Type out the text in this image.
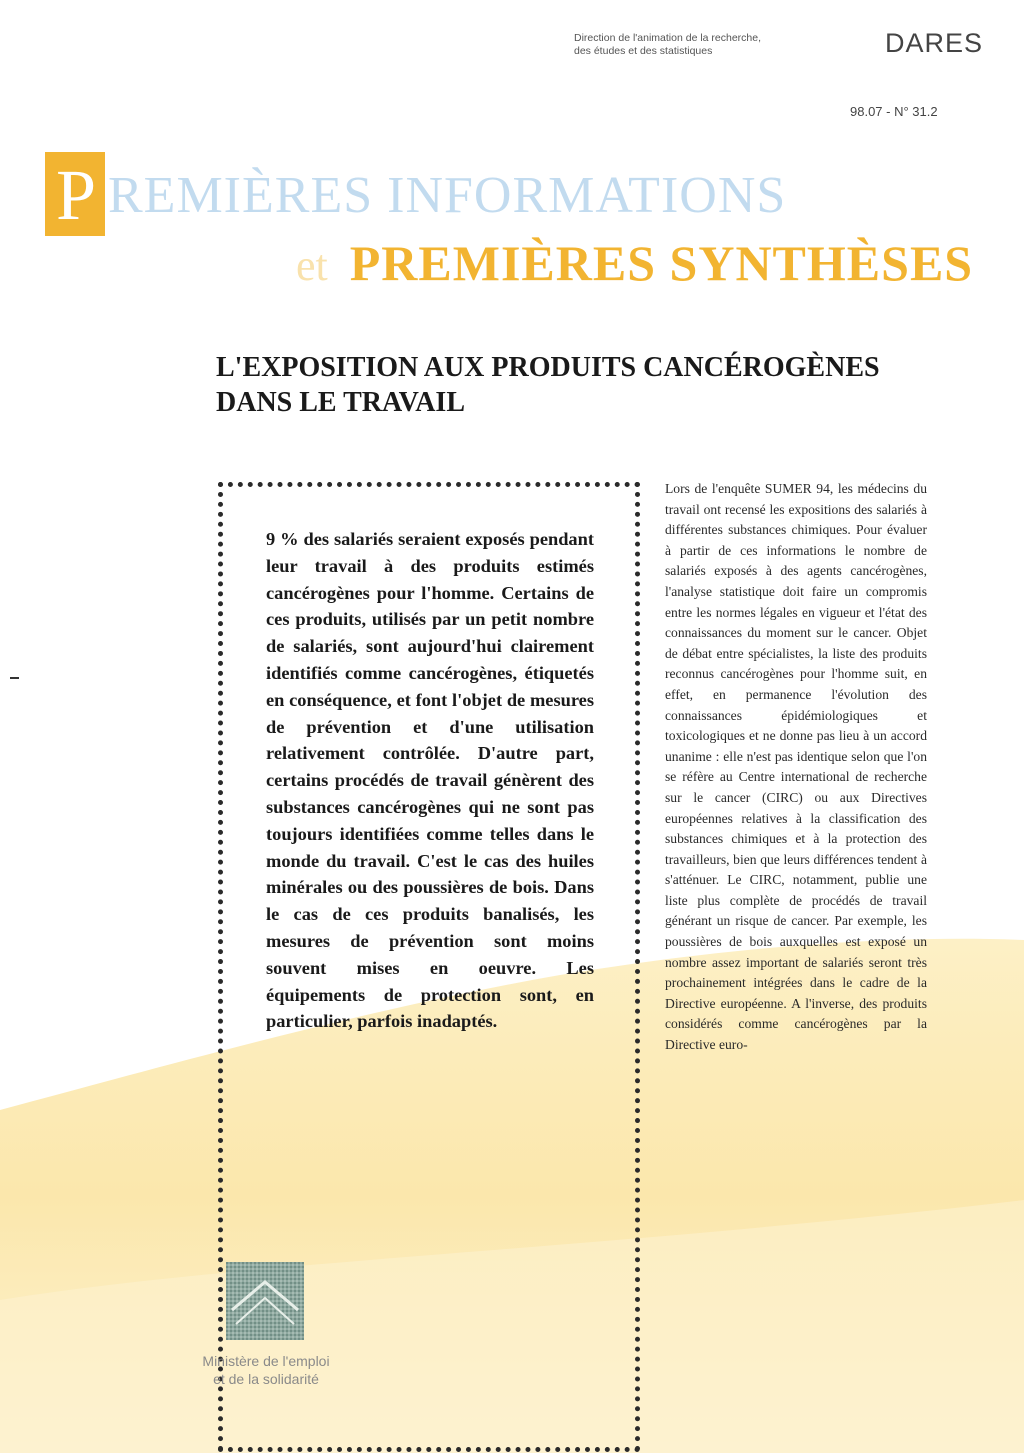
Direction de l'animation de la recherche,
des études et des statistiques	DARES
98.07 - N° 31.2
P REMIÈRES INFORMATIONS
et PREMIÈRES SYNTHÈSES
L'EXPOSITION AUX PRODUITS CANCÉROGÈNES
DANS LE TRAVAIL
9 % des salariés seraient exposés pendant leur travail à des produits estimés cancérogènes pour l'homme. Certains de ces produits, utilisés par un petit nombre de salariés, sont aujourd'hui clairement identifiés comme cancérogènes, étiquetés en conséquence, et font l'objet de mesures de prévention et d'une utilisation relativement contrôlée. D'autre part, certains procédés de travail génèrent des substances cancérogènes qui ne sont pas toujours identifiées comme telles dans le monde du travail. C'est le cas des huiles minérales ou des poussières de bois. Dans le cas de ces produits banalisés, les mesures de prévention sont moins souvent mises en oeuvre. Les équipements de protection sont, en particulier, parfois inadaptés.
Lors de l'enquête SUMER 94, les médecins du travail ont recensé les expositions des salariés à différentes substances chimiques. Pour évaluer à partir de ces informations le nombre de salariés exposés à des agents cancérogènes, l'analyse statistique doit faire un compromis entre les normes légales en vigueur et l'état des connaissances du moment sur le cancer. Objet de débat entre spécialistes, la liste des produits reconnus cancérogènes pour l'homme suit, en effet, en permanence l'évolution des connaissances épidémiologiques et toxicologiques et ne donne pas lieu à un accord unanime : elle n'est pas identique selon que l'on se réfère au Centre international de recherche sur le cancer (CIRC) ou aux Directives européennes relatives à la classification des substances chimiques et à la protection des travailleurs, bien que leurs différences tendent à s'atténuer. Le CIRC, notamment, publie une liste plus complète de procédés de travail générant un risque de cancer. Par exemple, les poussières de bois auxquelles est exposé un nombre assez important de salariés seront très prochainement intégrées dans le cadre de la Directive européenne. A l'inverse, des produits considérés comme cancérogènes par la Directive euro-
Ministère de l'emploi
et de la solidarité
